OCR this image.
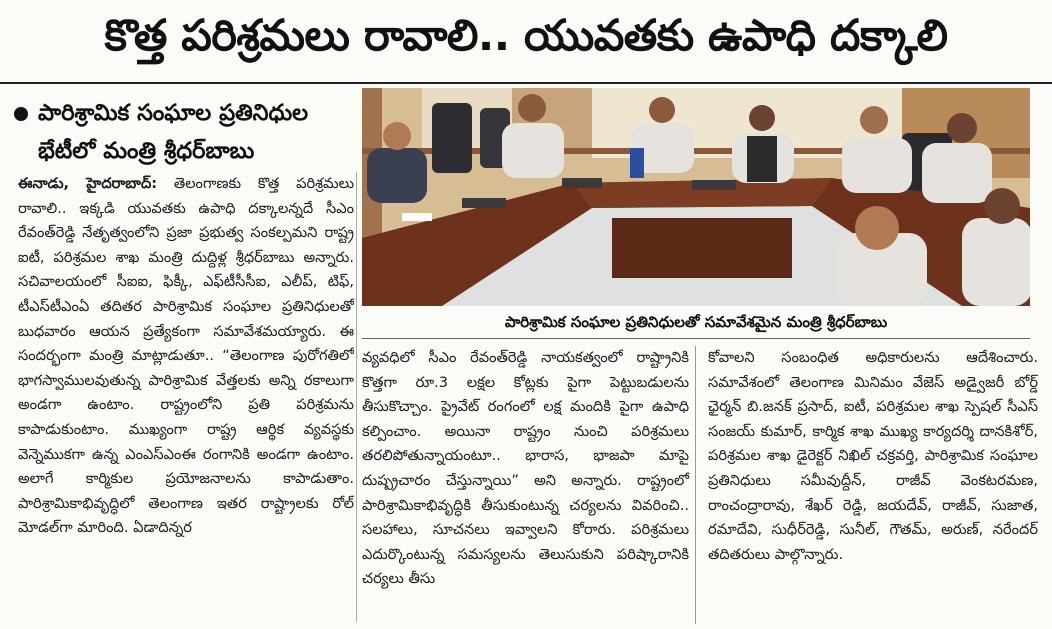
కొత్త పరిశ్రమలు రావాలి.. యువతకు ఉపాధి దక్కాలి
పారిశ్రామిక సంఘాల ప్రతినిధుల
భేటీలో మంత్రి శ్రీధర్‌బాబు

ఈనాడు, హైదరాబాద్: తెలంగాణకు కొత్త పరిశ్రమలు రావాలి.. ఇక్కడి యువతకు ఉపాధి దక్కాలన్నదే సీఎం రేవంత్‌రెడ్డి నేతృత్వంలోని ప్రజా ప్రభుత్వ సంకల్పమని రాష్ట్ర ఐటీ, పరిశ్రమల శాఖ మంత్రి దుద్దిళ్ల శ్రీధర్‌బాబు అన్నారు. సచివాలయంలో సీఐఐ, ఫిక్కీ, ఎఫ్‌టీసీసీఐ, ఎలీప్, టిఫ్, టీఎస్‌టీఎంఏ తదితర పారిశ్రామిక సంఘాల ప్రతినిధులతో బుధవారం ఆయన ప్రత్యేకంగా సమావేశమయ్యారు. ఈ సందర్భంగా మంత్రి మాట్లాడుతూ.. “తెలంగాణ పురోగతిలో భాగస్వాములవుతున్న పారిశ్రామిక వేత్తలకు అన్ని రకాలుగా అండగా ఉంటాం. రాష్ట్రంలోని ప్రతి పరిశ్రమను కాపాడుకుంటాం. ముఖ్యంగా రాష్ట్ర ఆర్థిక వ్యవస్థకు వెన్నెముకగా ఉన్న ఎంఎస్‌ఎంఈ రంగానికి అండగా ఉంటాం. అలాగే కార్మికుల ప్రయోజనాలను కాపాడుతాం. పారిశ్రామికాభివృద్ధిలో తెలంగాణ ఇతర రాష్ట్రాలకు రోల్ మోడల్‌గా మారింది. ఏడాదిన్నర

పారిశ్రామిక సంఘాల ప్రతినిధులతో సమావేశమైన మంత్రి శ్రీధర్‌బాబు

వ్యవధిలో సీఎం రేవంత్‌రెడ్డి నాయకత్వంలో రాష్ట్రానికి కొత్తగా రూ.3 లక్షల కోట్లకు పైగా పెట్టుబడులను తీసుకొచ్చాం. ప్రైవేట్ రంగంలో లక్ష మందికి పైగా ఉపాధి కల్పించాం. అయినా రాష్ట్రం నుంచి పరిశ్రమలు తరలిపోతున్నాయంటూ.. భారాస, భాజపా మాపై దుష్ప్రచారం చేస్తున్నాయి” అని అన్నారు. రాష్ట్రంలో పారిశ్రామికాభివృద్ధికి తీసుకుంటున్న చర్యలను వివరించి.. సలహాలు, సూచనలు ఇవ్వాలని కోరారు. పరిశ్రమలు ఎదుర్కొంటున్న సమస్యలను తెలుసుకుని పరిష్కారానికి చర్యలు తీసు

కోవాలని సంబంధిత అధికారులను ఆదేశించారు. సమావేశంలో తెలంగాణ మినిమం వేజెస్ అడ్వైజరీ బోర్డ్ ఛైర్మన్ బి.జనక్ ప్రసాద్, ఐటీ, పరిశ్రమల శాఖ స్పెషల్ సీఎస్ సంజయ్ కుమార్, కార్మిక శాఖ ముఖ్య కార్యదర్శి దానకిశోర్, పరిశ్రమల శాఖ డైరెక్టర్ నిఖిల్ చక్రవర్తి, పారిశ్రామిక సంఘాల ప్రతినిధులు సమీవుద్దీన్, రాజీవ్ వెంకటరమణ, రాంచంద్రారావు, శేఖర్ రెడ్డి, జయదేవ్, రాజీవ్, సుజాత, రమాదేవి, సుధీర్‌రెడ్డి, సునీల్, గౌతమ్, అరుణ్, నరేందర్ తదితరులు పాల్గొన్నారు.
